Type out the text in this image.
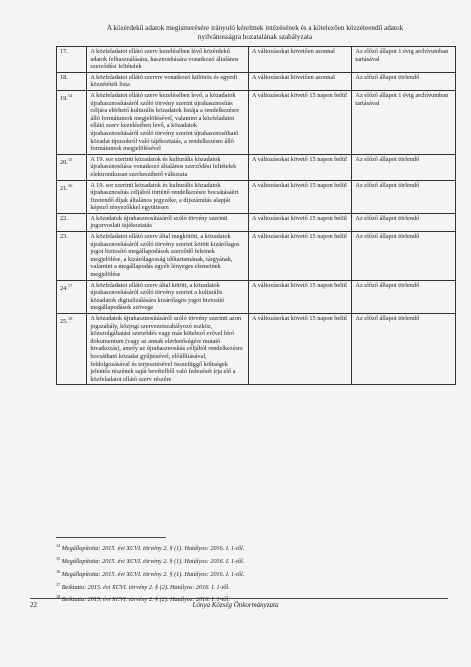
A közérdekű adatok megismerésére irányuló kérelmek intézésének és a kötelezően közzéteendő adatok
nyilvánosságra hozatalának szabályzata
17.	A közfeladatot ellátó szerv kezelésében lévő közérdekű adatok felhasználására, hasznosítására vonatkozó általános szerződési feltételek	A változásokat követően azonnal	Az előző állapot 1 évig archívumban tartásával
18.	A közfeladatot ellátó szervre vonatkozó különös és egyedi közzétételi lista	A változásokat követően azonnal	Az előző állapot törlendő
19.14	A közfeladatot ellátó szerv kezelésében levő, a közadatok újrahasznosításáról szóló törvény szerint újrahasznosítás céljára elérhető kulturális közadatok listája a rendelkezésre álló formátumok megjelölésével, valamint a közfeladatot ellátó szerv kezelésében levő, a közadatok újrahasznosításáról szóló törvény szerint újrahasznosítható közadat típusokról való tájékoztatás, a rendelkezésre álló formátumok megjelölésével	A változásokat követő 15 napon belül	Az előző állapot 1 évig archívumban tartásával
20.15	A 19. sor szerinti közadatok és kulturális közadatok újrahasznosítása vonatkozó általános szerződési feltételek elektronikusan szerkeszthető változata	A változásokat követő 15 napon belül	Az előző állapot törlendő
21.16	A 19. sor szerinti közadatok és kulturális közadatok újrahasznosítás céljából történő rendelkezésre bocsátásáért fizetendő díjak általános jegyzéke, a díjszámítás alapját képező tényezőkkel együttesen	A változásokat követő 15 napon belül	Az előző állapot törlendő
22.	A közadatok újrahasznosításáról szóló törvény szerinti jogorvoslati tájékoztatás	A változásokat követő 15 napon belül	Az előző állapot törlendő
23.	A közfeladatot ellátó szerv által megkötött, a közadatok újrahasznosításáról szóló törvény szerint kötött kizárólagos jogot biztosító megállapodások szerződő feleinek megjelölése, a kizárólagosság időtartamának, tárgyának, valamint a megállapodás egyéb lényeges elemeinek megjelölése	A változásokat követő 15 napon belül	Az előző állapot törlendő
24.17	A közfeladatot ellátó szerv által kötött, a közadatok újrahasznosításáról szóló törvény szerint a kulturális közadatok digitalizálására kizárólagos jogot biztosító megállapodások szövege	A változásokat követő 15 napon belül	Az előző állapot törlendő
25.18	A közadatok újrahasznosításáról szóló törvény szerinti azon jogszabály, közjogi szervezetszabályozó eszköz, közszolgáltatási szerződés vagy más kötelező erővel bíró dokumentum (vagy az annak elérhetőségére mutató hivatkozás), amely az újrahasznosítás céljából rendelkezésre bocsátható közadat gyűjtésével, előállításával, feldolgozásával és terjesztésével összefüggő költségek jelentős részének saját bevételből való fedezését írja elő a közfeladatot ellátó szerv részére	A változásokat követő 15 napon belül	Az előző állapot törlendő
$^{14}$ Megállapította: 2015. évi XCVI. törvény 2. § (1). Hatályos: 2016. I. 1-től.
$^{15}$ Megállapította: 2015. évi XCVI. törvény 2. § (1). Hatályos: 2016. I. 1-től.
$^{16}$ Megállapította: 2015. évi XCVI. törvény 2. § (1). Hatályos: 2016. I. 1-től.
$^{17}$ Beiktatta: 2015. évi XCVI. törvény 2. § (2). Hatályos: 2016. I. 1-től.
$^{18}$ Beiktatta: 2015. évi XCVI. törvény 2. § (2). Hatályos: 2016. I. 1-től.
22	Lónya Község Önkormányzata
